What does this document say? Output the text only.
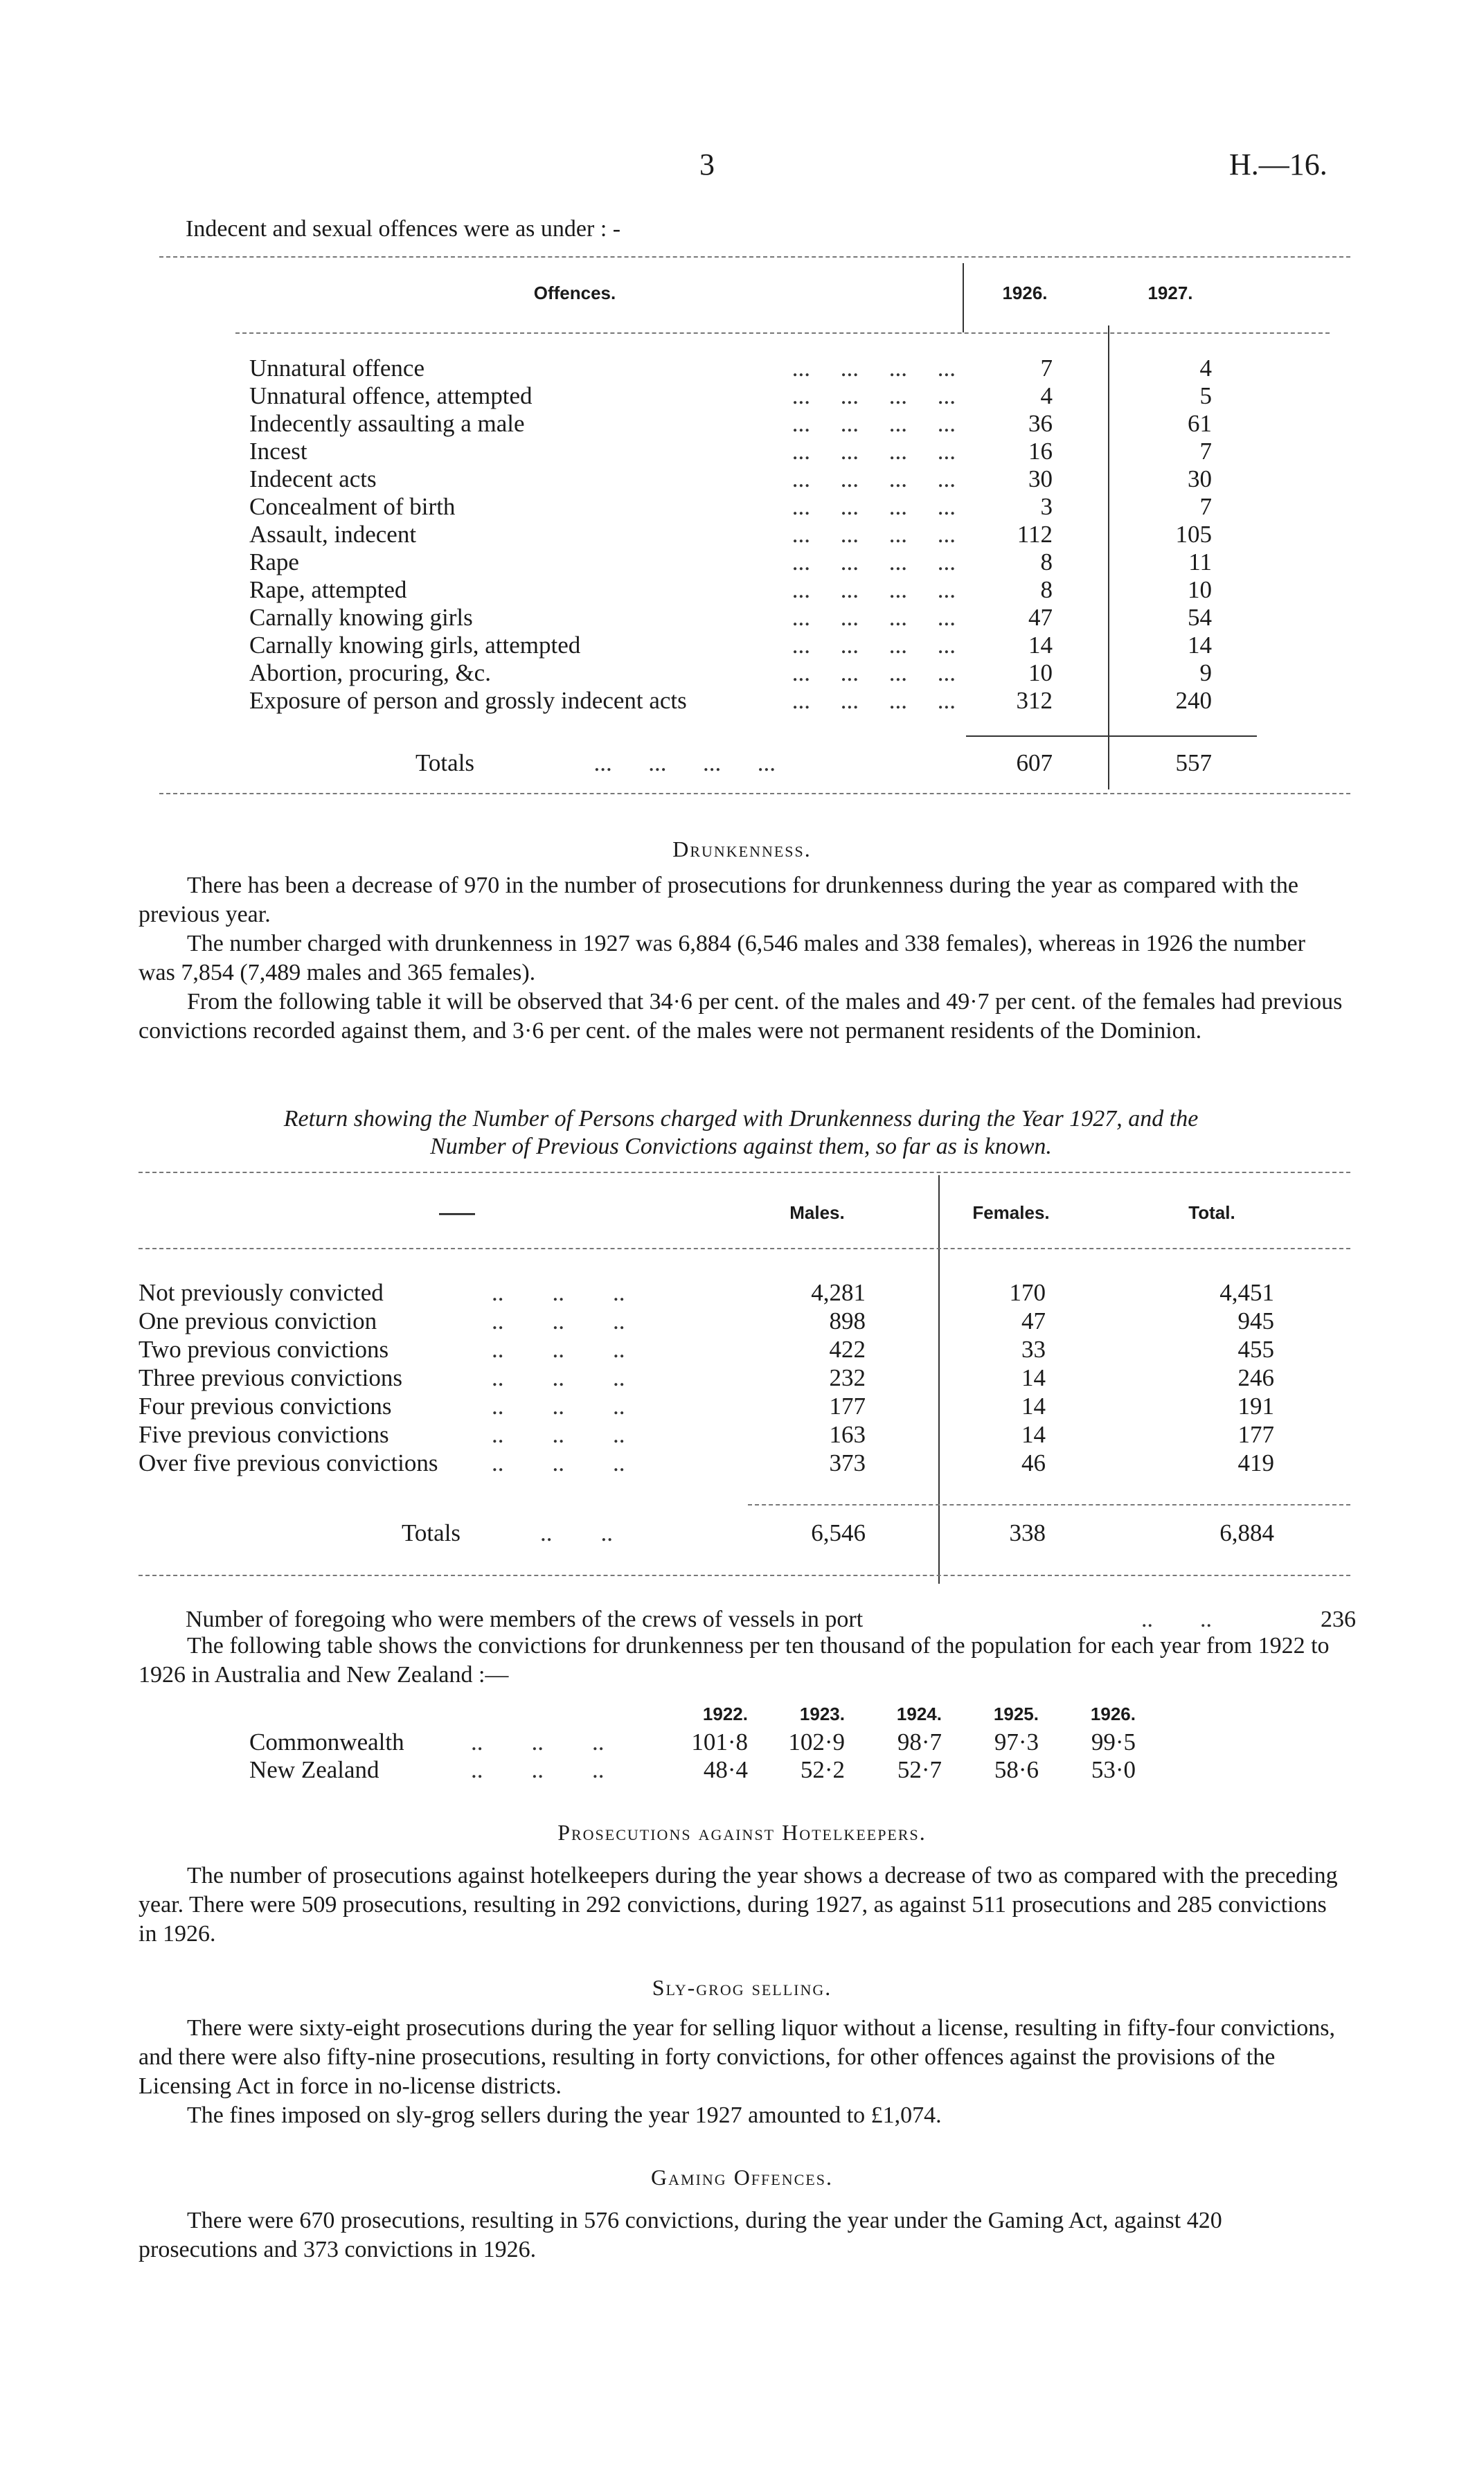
3	H.—16.
Indecent and sexual offences were as under : -
Offences.	1926.	1927.
Unnatural offence	...     ...     ...     ...	7	4
Unnatural offence, attempted	...     ...     ...     ...	4	5
Indecently assaulting a male	...     ...     ...     ...	36	61
Incest	...     ...     ...     ...	16	7
Indecent acts	...     ...     ...     ...	30	30
Concealment of birth	...     ...     ...     ...	3	7
Assault, indecent	...     ...     ...     ...	112	105
Rape	...     ...     ...     ...	8	11
Rape, attempted	...     ...     ...     ...	8	10
Carnally knowing girls	...     ...     ...     ...	47	54
Carnally knowing girls, attempted	...     ...     ...     ...	14	14
Abortion, procuring, &c.	...     ...     ...     ...	10	9
Exposure of person and grossly indecent acts	...     ...     ...     ...	312	240
Totals	...      ...      ...      ...	607	557
Drunkenness.

There has been a decrease of 970 in the number of prosecutions for drunkenness during the year as compared with the previous year.

The number charged with drunkenness in 1927 was 6,884 (6,546 males and 338 females), whereas in 1926 the number was 7,854 (7,489 males and 365 females).

From the following table it will be observed that 34·6 per cent. of the males and 49·7 per cent. of the females had previous convictions recorded against them, and 3·6 per cent. of the males were not permanent residents of the Dominion.

Return showing the Number of Persons charged with Drunkenness during the Year 1927, and the
Number of Previous Convictions against them, so far as is known.
——	Males.	Females.	Total.
Not previously convicted	..        ..        ..	4,281	170	4,451
One previous conviction	..        ..        ..	898	47	945
Two previous convictions	..        ..        ..	422	33	455
Three previous convictions	..        ..        ..	232	14	246
Four previous convictions	..        ..        ..	177	14	191
Five previous convictions	..        ..        ..	163	14	177
Over five previous convictions ..        ..        ..	373	46	419
Totals	..        ..	6,546	338	6,884
Number of foregoing who were members of the crews of vessels in port	..        ..	236

The following table shows the convictions for drunkenness per ten thousand of the population for each year from 1922 to 1926 in Australia and New Zealand :—

1922.	1923.	1924.	1925.	1926.
Commonwealth	..        ..        ..	101·8	102·9	98·7	97·3	99·5
New Zealand	..        ..        ..	48·4	52·2	52·7	58·6	53·0
Prosecutions against Hotelkeepers.

The number of prosecutions against hotelkeepers during the year shows a decrease of two as compared with the preceding year. There were 509 prosecutions, resulting in 292 convictions, during 1927, as against 511 prosecutions and 285 convictions in 1926.

Sly-grog selling.

There were sixty-eight prosecutions during the year for selling liquor without a license, resulting in fifty-four convictions, and there were also fifty-nine prosecutions, resulting in forty convictions, for other offences against the provisions of the Licensing Act in force in no-license districts.

The fines imposed on sly-grog sellers during the year 1927 amounted to £1,074.

Gaming Offences.

There were 670 prosecutions, resulting in 576 convictions, during the year under the Gaming Act, against 420 prosecutions and 373 convictions in 1926.
